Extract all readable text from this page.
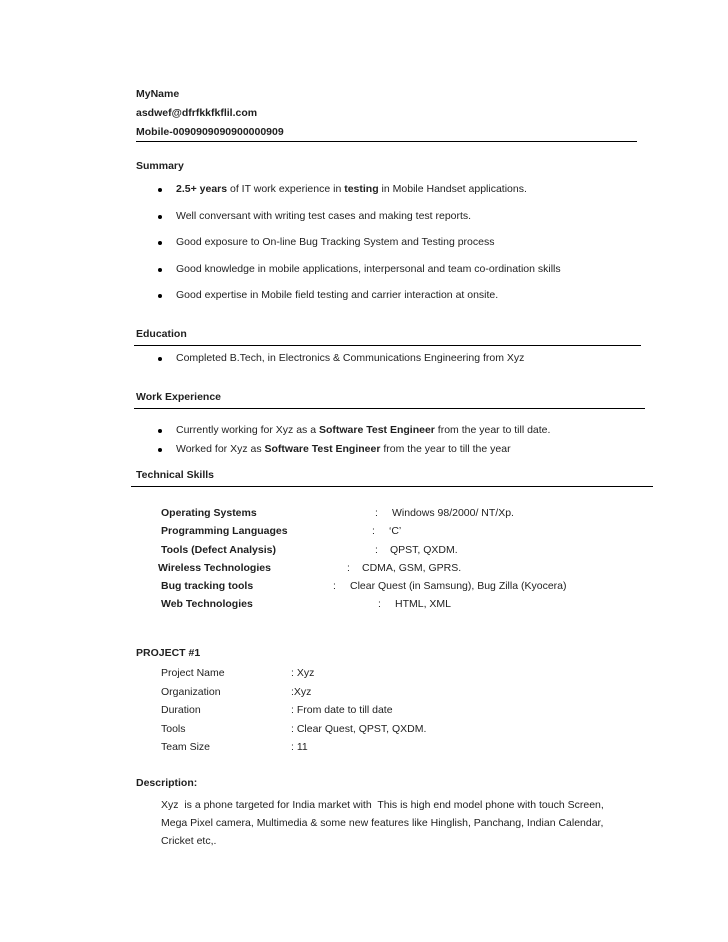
MyName
asdwef@dfrfkkfkflil.com
Mobile-0090909090900000909
Summary
2.5+ years of IT work experience in testing in Mobile Handset applications.
Well conversant with writing test cases and making test reports.
Good exposure to On-line Bug Tracking System and Testing process
Good knowledge in mobile applications, interpersonal and team co-ordination skills
Good expertise in Mobile field testing and carrier interaction at onsite.
Education
Completed B.Tech, in Electronics & Communications Engineering from Xyz
Work Experience
Currently working for Xyz as a Software Test Engineer from the year to till date.
Worked for Xyz as Software Test Engineer from the year to till the year
Technical Skills
Operating Systems	: Windows 98/2000/ NT/Xp.
Programming Languages	: ‘C’
Tools (Defect Analysis)	: QPST, QXDM.
Wireless Technologies	: CDMA, GSM, GPRS.
Bug tracking tools	: Clear Quest (in Samsung), Bug Zilla (Kyocera)
Web Technologies	: HTML, XML
PROJECT #1
Project Name	: Xyz
Organization	:Xyz
Duration	: From date to till date
Tools	: Clear Quest, QPST, QXDM.
Team Size	: 11
Description:

Xyz  is a phone targeted for India market with  This is high end model phone with touch Screen,
Mega Pixel camera, Multimedia & some new features like Hinglish, Panchang, Indian Calendar,
Cricket etc,.
